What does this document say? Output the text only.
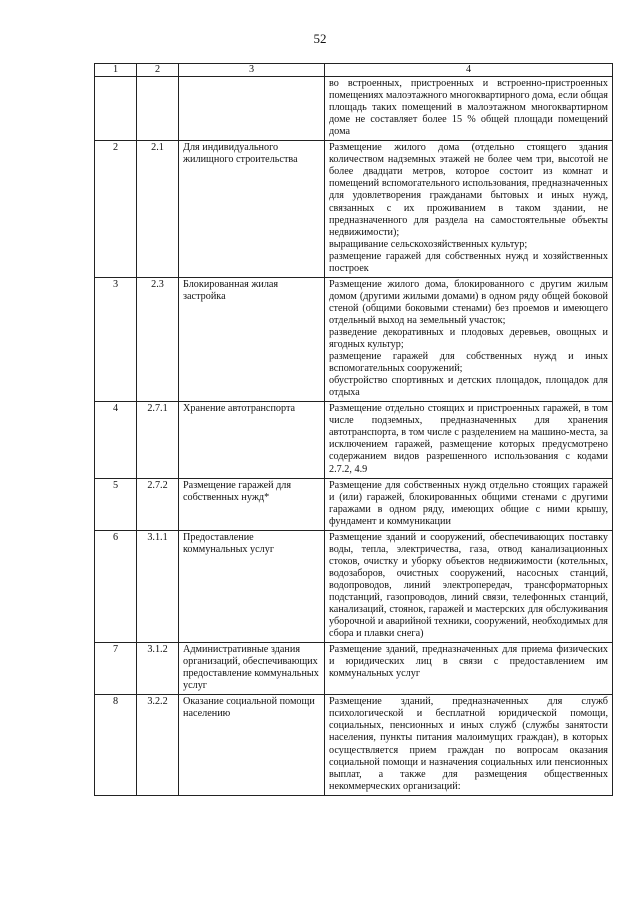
52
1	2	3	4
			во встроенных, пристроенных и встроенно-пристроенных помещениях малоэтажного многоквартирного дома, если общая площадь таких помещений в малоэтажном многоквартирном доме не составляет более 15 % общей площади помещений дома
2	2.1	Для индивидуального жилищного строительства	Размещение жилого дома (отдельно стоящего здания количеством надземных этажей не более чем три, высотой не более двадцати метров, которое состоит из комнат и помещений вспомогательного использования, предназначенных для удовлетворения гражданами бытовых и иных нужд, связанных с их проживанием в таком здании, не предназначенного для раздела на самостоятельные объекты недвижимости);
выращивание сельскохозяйственных культур;
размещение гаражей для собственных нужд и хозяйственных построек

3	2.3	Блокированная жилая застройка	Размещение жилого дома, блокированного с другим жилым домом (другими жилыми домами) в одном ряду общей боковой стеной (общими боковыми стенами) без проемов и имеющего отдельный выход на земельный участок;
разведение декоративных и плодовых деревьев, овощных и ягодных культур;
размещение гаражей для собственных нужд и иных вспомогательных сооружений;
обустройство спортивных и детских площадок, площадок для отдыха

4	2.7.1	Хранение автотранспорта	Размещение отдельно стоящих и пристроенных гаражей, в том числе подземных, предназначенных для хранения автотранспорта, в том числе с разделением на машино-места, за исключением гаражей, размещение которых предусмотрено содержанием видов разрешенного использования с кодами 2.7.2, 4.9

5	2.7.2	Размещение гаражей для собственных нужд*	Размещение для собственных нужд отдельно стоящих гаражей и (или) гаражей, блокированных общими стенами с другими гаражами в одном ряду, имеющих общие с ними крышу, фундамент и коммуникации

6	3.1.1	Предоставление коммунальных услуг	Размещение зданий и сооружений, обеспечивающих поставку воды, тепла, электричества, газа, отвод канализационных стоков, очистку и уборку объектов недвижимости (котельных, водозаборов, очистных сооружений, насосных станций, водопроводов, линий электропередач, трансформаторных подстанций, газопроводов, линий связи, телефонных станций, канализаций, стоянок, гаражей и мастерских для обслуживания уборочной и аварийной техники, сооружений, необходимых для сбора и плавки снега)

7	3.1.2	Административные здания организаций, обеспечивающих предоставление коммунальных услуг	Размещение зданий, предназначенных для приема физических и юридических лиц в связи с предоставлением им коммунальных услуг

8	3.2.2	Оказание социальной помощи населению	Размещение зданий, предназначенных для служб психологической и бесплатной юридической помощи, социальных, пенсионных и иных служб (службы занятости населения, пункты питания малоимущих граждан), в которых осуществляется прием граждан по вопросам оказания социальной помощи и назначения социальных или пенсионных выплат, а также для размещения общественных некоммерческих организаций:
